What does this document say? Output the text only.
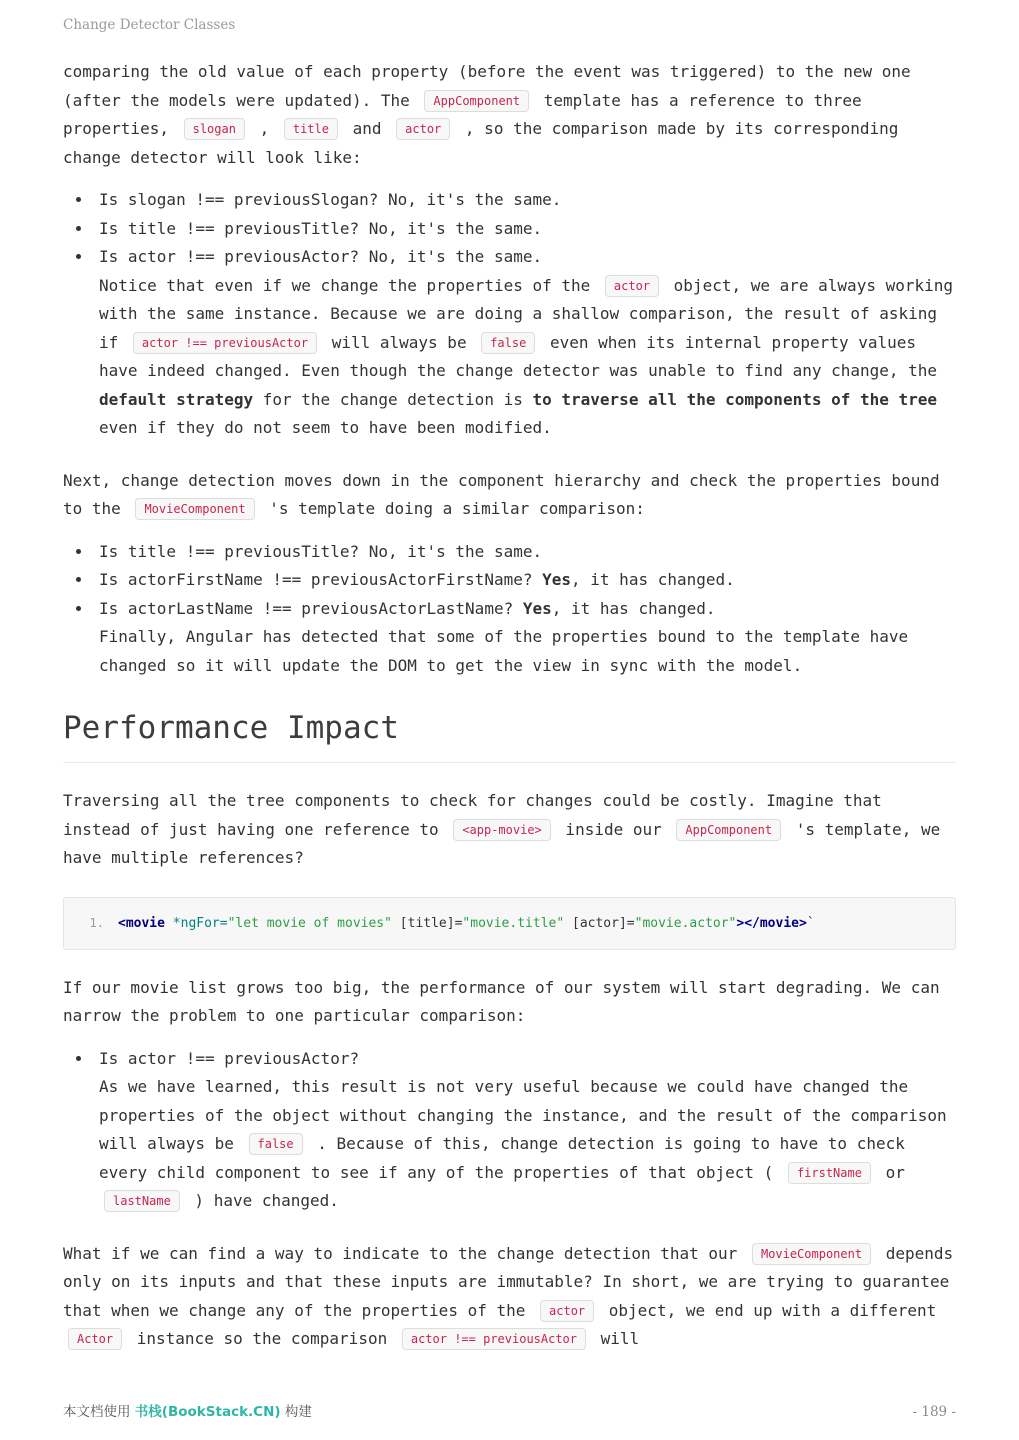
Change Detector Classes

comparing the old value of each property (before the event was triggered) to the new one (after the models were updated). The AppComponent template has a reference to three properties, slogan , title and actor , so the comparison made by its corresponding change detector will look like:

• Is slogan !== previousSlogan? No, it's the same.
• Is title !== previousTitle? No, it's the same.
• Is actor !== previousActor? No, it's the same.
Notice that even if we change the properties of the actor object, we are always working with the same instance. Because we are doing a shallow comparison, the result of asking if actor !== previousActor will always be false even when its internal property values have indeed changed. Even though the change detector was unable to find any change, the default strategy for the change detection is to traverse all the components of the tree even if they do not seem to have been modified.

Next, change detection moves down in the component hierarchy and check the properties bound to the MovieComponent 's template doing a similar comparison:

• Is title !== previousTitle? No, it's the same.
• Is actorFirstName !== previousActorFirstName? Yes, it has changed.
• Is actorLastName !== previousActorLastName? Yes, it has changed.
Finally, Angular has detected that some of the properties bound to the template have changed so it will update the DOM to get the view in sync with the model.
Performance Impact

Traversing all the tree components to check for changes could be costly. Imagine that instead of just having one reference to <app-movie> inside our AppComponent 's template, we have multiple references?

1.	<movie *ngFor="let movie of movies" [title]="movie.title" [actor]="movie.actor"></movie>`

If our movie list grows too big, the performance of our system will start degrading. We can narrow the problem to one particular comparison:

• Is actor !== previousActor?
As we have learned, this result is not very useful because we could have changed the properties of the object without changing the instance, and the result of the comparison will always be false . Because of this, change detection is going to have to check every child component to see if any of the properties of that object ( firstName or lastName ) have changed.

What if we can find a way to indicate to the change detection that our MovieComponent depends only on its inputs and that these inputs are immutable? In short, we are trying to guarantee that when we change any of the properties of the actor object, we end up with a different Actor instance so the comparison actor !== previousActor will

本文档使用 书栈(BookStack.CN) 构建	- 189 -
